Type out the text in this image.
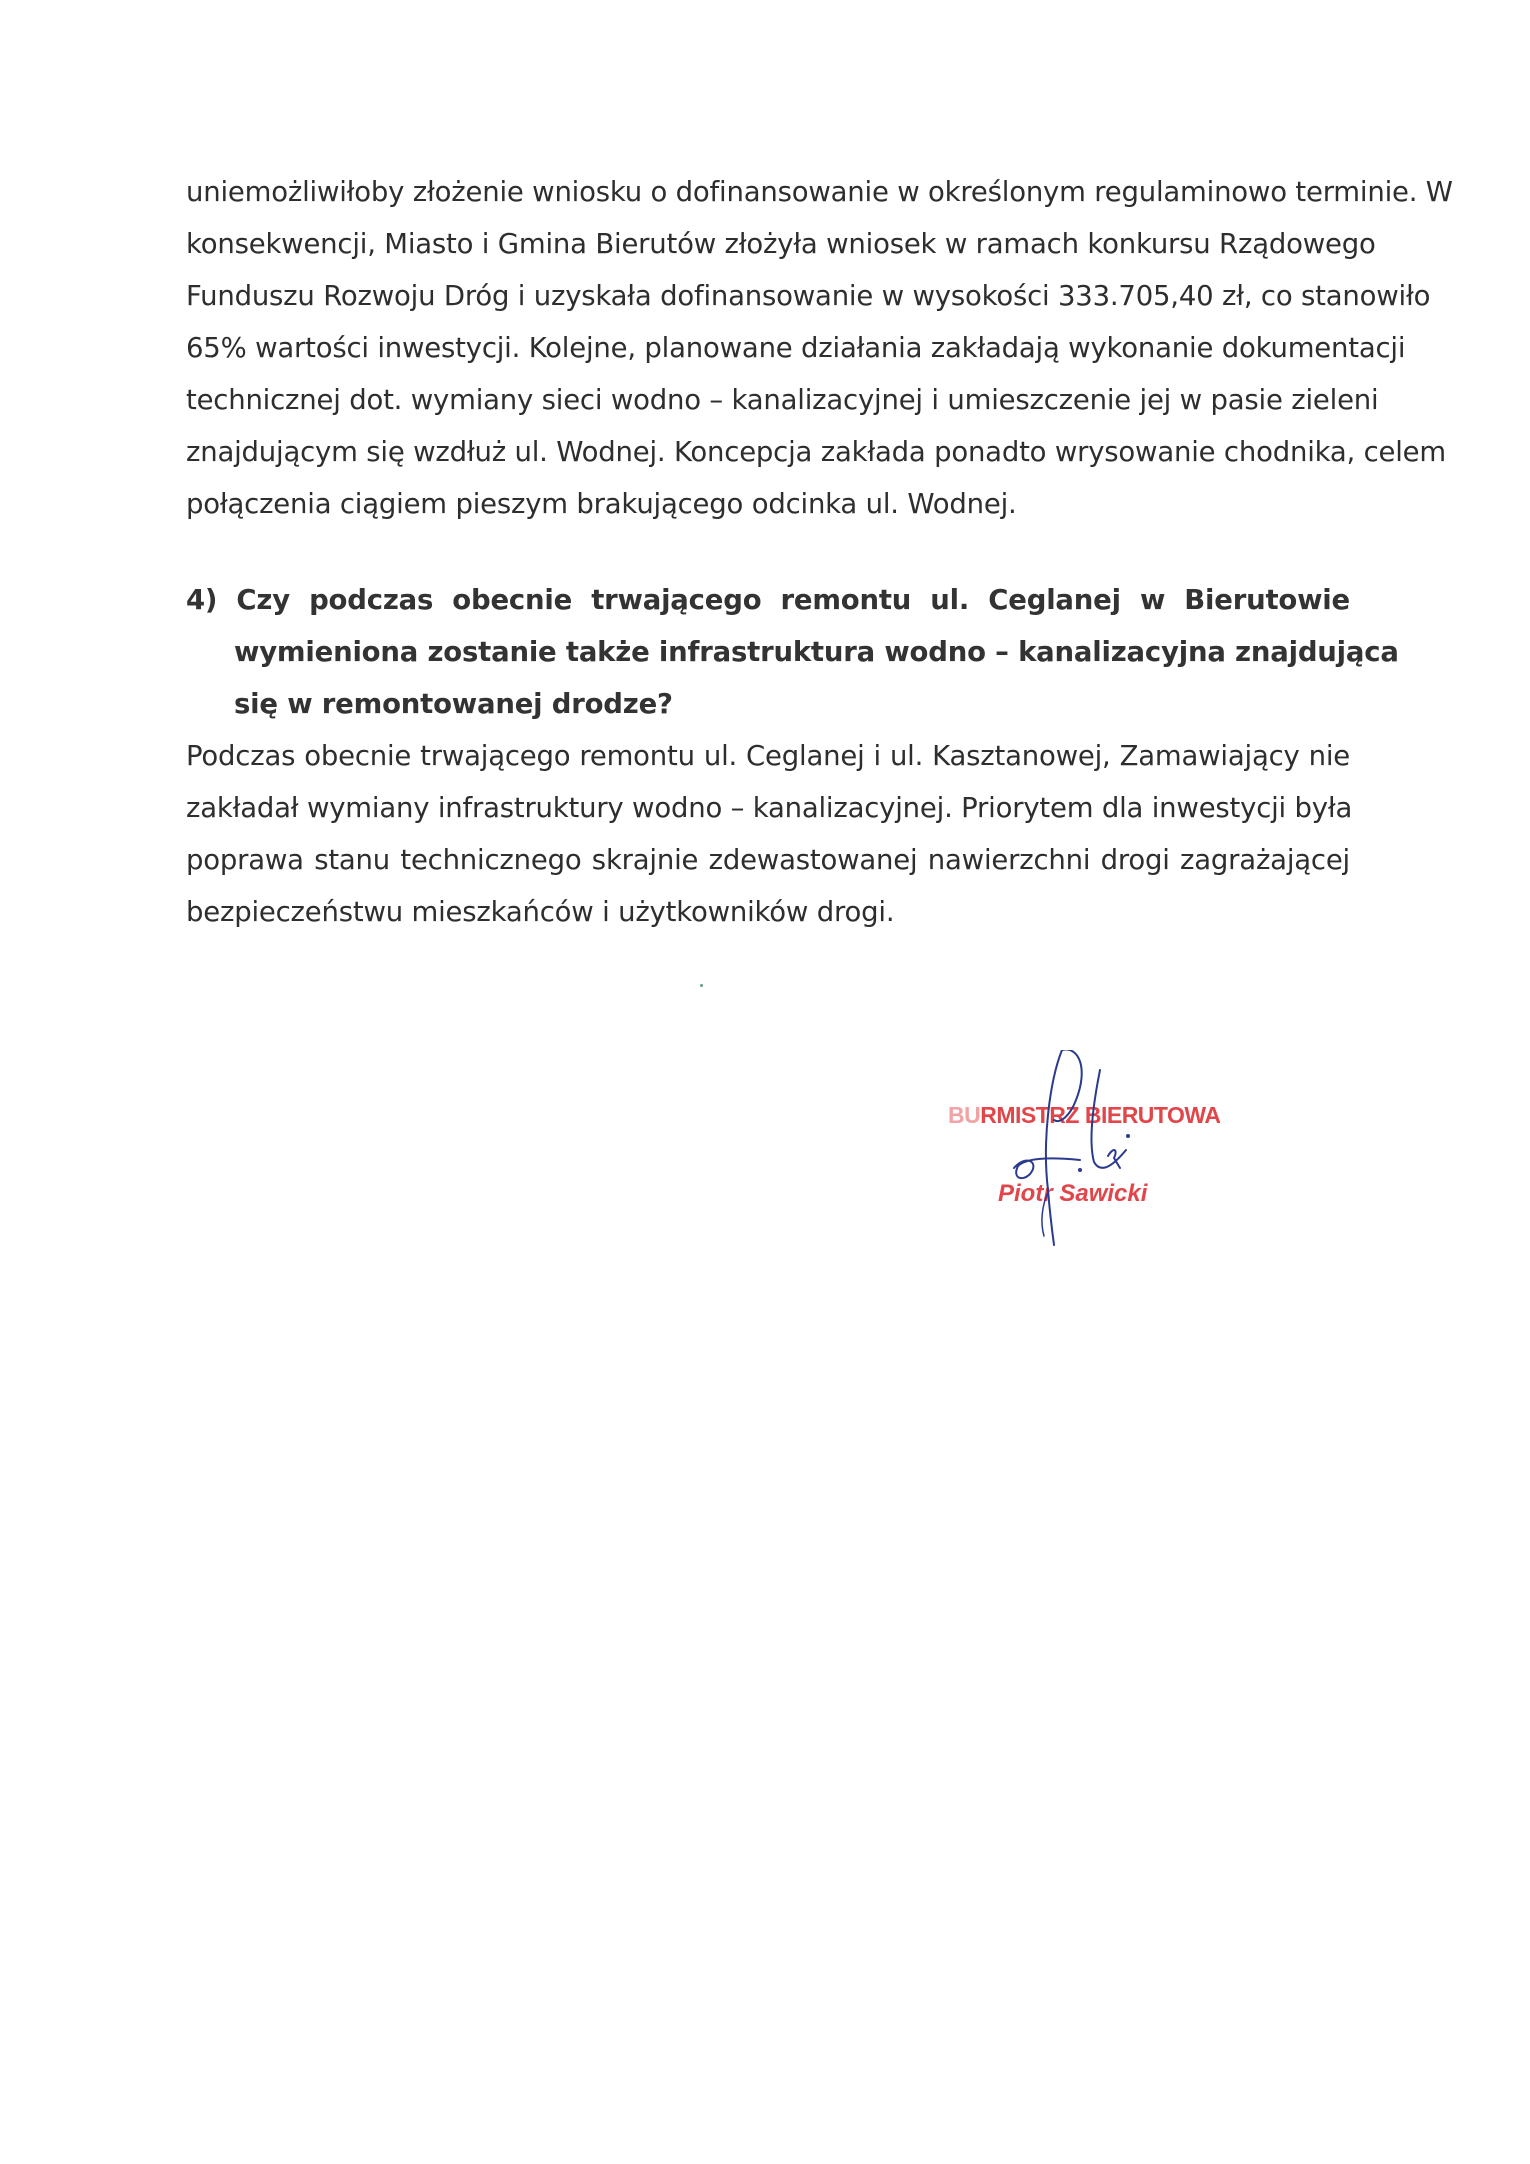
uniemożliwiłoby złożenie wniosku o dofinansowanie w określonym regulaminowo terminie. W
konsekwencji, Miasto i Gmina Bierutów złożyła wniosek w ramach konkursu Rządowego
Funduszu Rozwoju Dróg i uzyskała dofinansowanie w wysokości 333.705,40 zł, co stanowiło
65% wartości inwestycji. Kolejne, planowane działania zakładają wykonanie dokumentacji
technicznej dot. wymiany sieci wodno – kanalizacyjnej i umieszczenie jej w pasie zieleni
znajdującym się wzdłuż ul. Wodnej. Koncepcja zakłada ponadto wrysowanie chodnika, celem
połączenia ciągiem pieszym brakującego odcinka ul. Wodnej.
4) Czy podczas obecnie trwającego remontu ul. Ceglanej w Bierutowie
wymieniona zostanie także infrastruktura wodno – kanalizacyjna znajdująca
się w remontowanej drodze?
Podczas obecnie trwającego remontu ul. Ceglanej i ul. Kasztanowej, Zamawiający nie
zakładał wymiany infrastruktury wodno – kanalizacyjnej. Priorytem dla inwestycji była
poprawa stanu technicznego skrajnie zdewastowanej nawierzchni drogi zagrażającej
bezpieczeństwu mieszkańców i użytkowników drogi.
BURMISTRZ BIERUTOWA
Piotr Sawicki
